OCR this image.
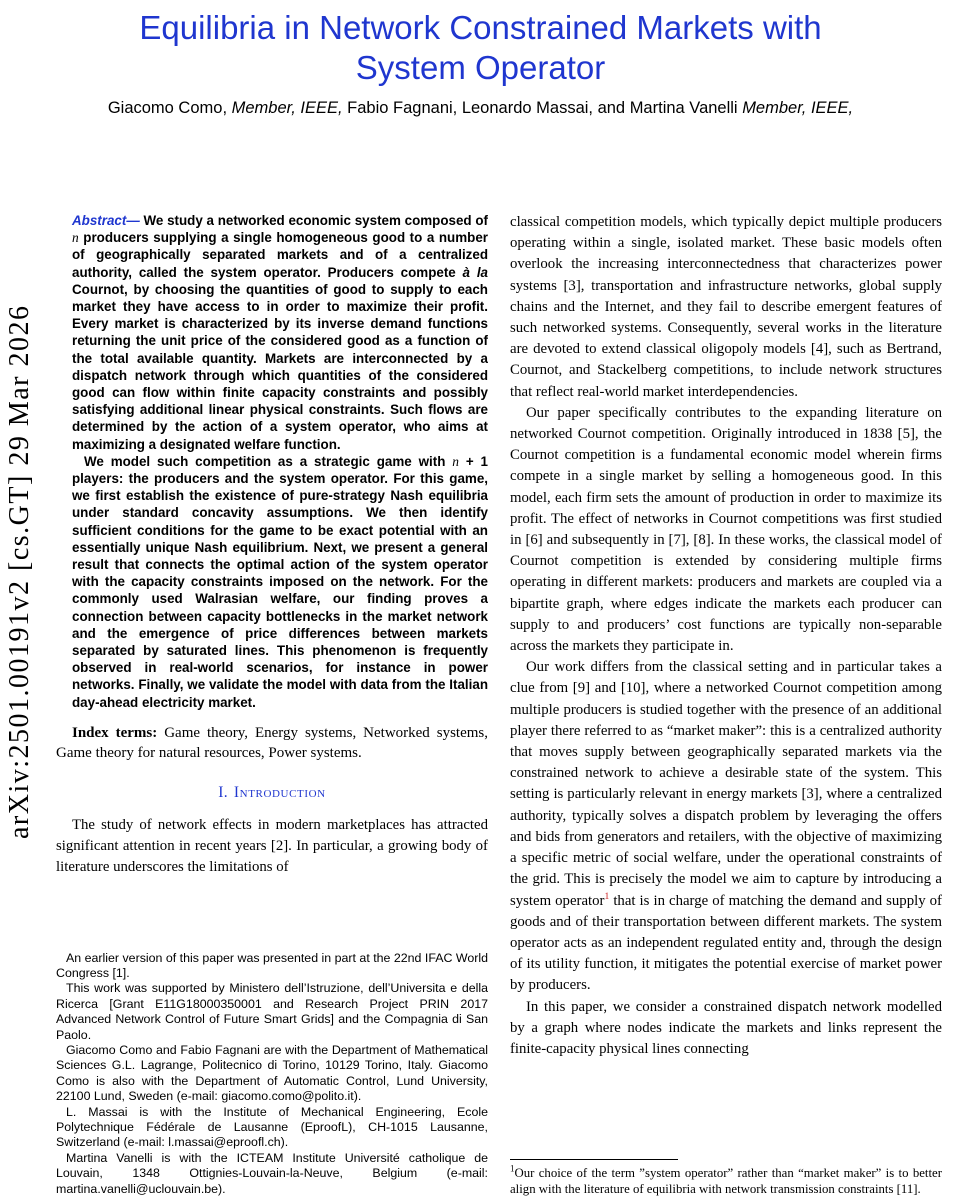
arXiv:2501.00191v2 [cs.GT] 29 Mar 2026
Equilibria in Network Constrained Markets with
System Operator
Giacomo Como, Member, IEEE, Fabio Fagnani, Leonardo Massai, and Martina Vanelli Member, IEEE,

Abstract— We study a networked economic system composed of n producers supplying a single homogeneous good to a number of geographically separated markets and of a centralized authority, called the system operator. Producers compete à la Cournot, by choosing the quantities of good to supply to each market they have access to in order to maximize their profit. Every market is characterized by its inverse demand functions returning the unit price of the considered good as a function of the total available quantity. Markets are interconnected by a dispatch network through which quantities of the considered good can flow within finite capacity constraints and possibly satisfying additional linear physical constraints. Such flows are determined by the action of a system operator, who aims at maximizing a designated welfare function.

We model such competition as a strategic game with n + 1 players: the producers and the system operator. For this game, we first establish the existence of pure-strategy Nash equilibria under standard concavity assumptions. We then identify sufficient conditions for the game to be exact potential with an essentially unique Nash equilibrium. Next, we present a general result that connects the optimal action of the system operator with the capacity constraints imposed on the network. For the commonly used Walrasian welfare, our finding proves a connection between capacity bottlenecks in the market network and the emergence of price differences between markets separated by saturated lines. This phenomenon is frequently observed in real-world scenarios, for instance in power networks. Finally, we validate the model with data from the Italian day-ahead electricity market.

Index terms: Game theory, Energy systems, Networked systems, Game theory for natural resources, Power systems.

I. Introduction

The study of network effects in modern marketplaces has attracted significant attention in recent years [2]. In particular, a growing body of literature underscores the limitations of

An earlier version of this paper was presented in part at the 22nd IFAC World Congress [1].

This work was supported by Ministero dell’Istruzione, dell’Universita e della Ricerca [Grant E11G18000350001 and Research Project PRIN 2017 Advanced Network Control of Future Smart Grids] and the Compagnia di San Paolo.

Giacomo Como and Fabio Fagnani are with the Department of Mathematical Sciences G.L. Lagrange, Politecnico di Torino, 10129 Torino, Italy. Giacomo Como is also with the Department of Automatic Control, Lund University, 22100 Lund, Sweden (e-mail: giacomo.como@polito.it).

L. Massai is with the Institute of Mechanical Engineering, Ecole Polytechnique Fédérale de Lausanne (EproofL), CH-1015 Lausanne, Switzerland (e-mail: l.massai@eproofl.ch).

Martina Vanelli is with the ICTEAM Institute Université catholique de Louvain, 1348 Ottignies-Louvain-la-Neuve, Belgium (e-mail: martina.vanelli@uclouvain.be).

classical competition models, which typically depict multiple producers operating within a single, isolated market. These basic models often overlook the increasing interconnectedness that characterizes power systems [3], transportation and infrastructure networks, global supply chains and the Internet, and they fail to describe emergent features of such networked systems. Consequently, several works in the literature are devoted to extend classical oligopoly models [4], such as Bertrand, Cournot, and Stackelberg competitions, to include network structures that reflect real-world market interdependencies.

Our paper specifically contributes to the expanding literature on networked Cournot competition. Originally introduced in 1838 [5], the Cournot competition is a fundamental economic model wherein firms compete in a single market by selling a homogeneous good. In this model, each firm sets the amount of production in order to maximize its profit. The effect of networks in Cournot competitions was first studied in [6] and subsequently in [7], [8]. In these works, the classical model of Cournot competition is extended by considering multiple firms operating in different markets: producers and markets are coupled via a bipartite graph, where edges indicate the markets each producer can supply to and producers’ cost functions are typically non-separable across the markets they participate in.

Our work differs from the classical setting and in particular takes a clue from [9] and [10], where a networked Cournot competition among multiple producers is studied together with the presence of an additional player there referred to as “market maker”: this is a centralized authority that moves supply between geographically separated markets via the constrained network to achieve a desirable state of the system. This setting is particularly relevant in energy markets [3], where a centralized authority, typically solves a dispatch problem by leveraging the offers and bids from generators and retailers, with the objective of maximizing a specific metric of social welfare, under the operational constraints of the grid. This is precisely the model we aim to capture by introducing a system operator$^1$ that is in charge of matching the demand and supply of goods and of their transportation between different markets. The system operator acts as an independent regulated entity and, through the design of its utility function, it mitigates the potential exercise of market power by producers.

In this paper, we consider a constrained dispatch network modelled by a graph where nodes indicate the markets and links represent the finite-capacity physical lines connecting

$^1$Our choice of the term ”system operator” rather than “market maker” is to better align with the literature of equilibria with network transmission constraints [11].
